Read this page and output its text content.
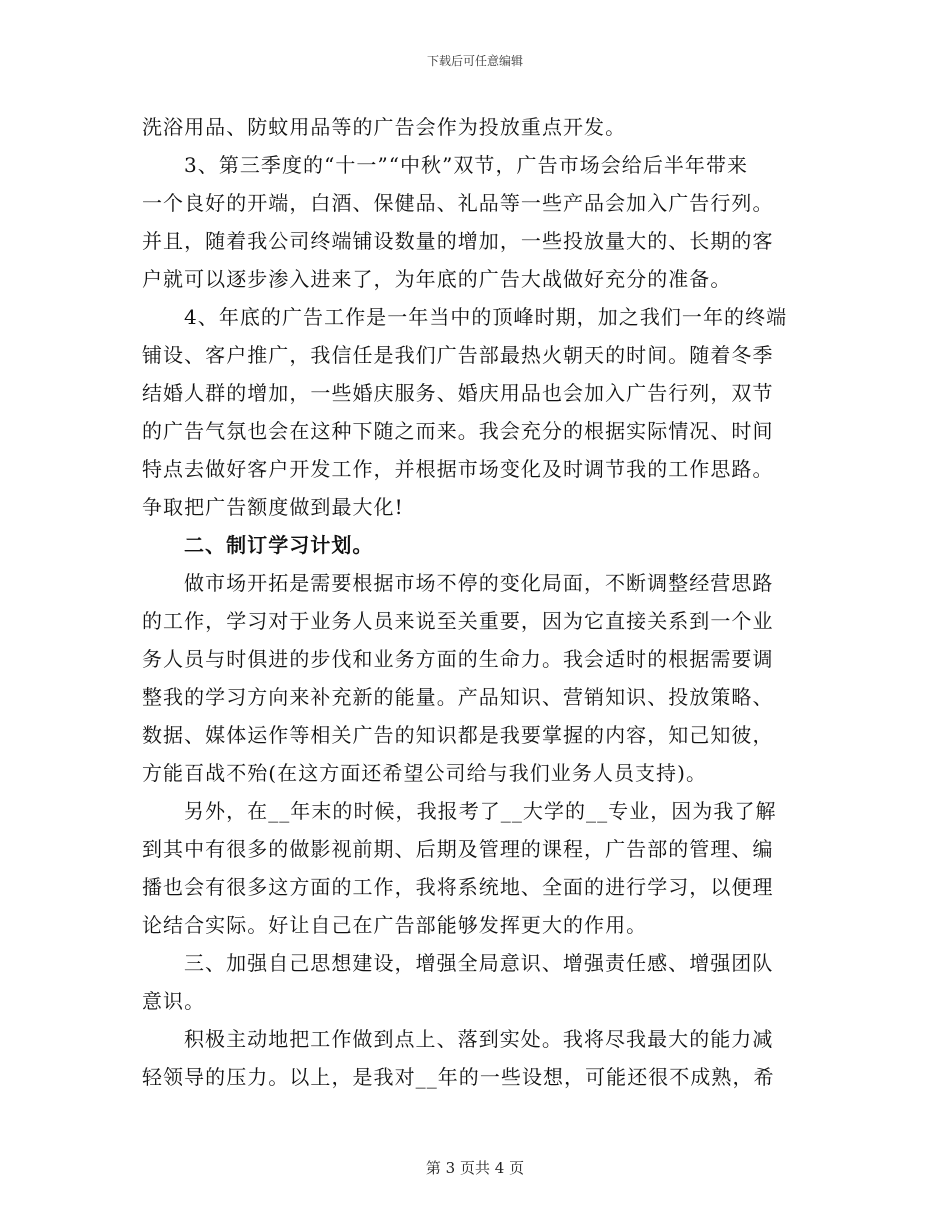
下载后可任意编辑
洗浴用品、防蚊用品等的广告会作为投放重点开发。
3、第三季度的“十一”“中秋”双节，广告市场会给后半年带来
一个良好的开端，白酒、保健品、礼品等一些产品会加入广告行列。
并且，随着我公司终端铺设数量的增加，一些投放量大的、长期的客
户就可以逐步渗入进来了，为年底的广告大战做好充分的准备。
4、年底的广告工作是一年当中的顶峰时期，加之我们一年的终端
铺设、客户推广，我信任是我们广告部最热火朝天的时间。随着冬季
结婚人群的增加，一些婚庆服务、婚庆用品也会加入广告行列，双节
的广告气氛也会在这种下随之而来。我会充分的根据实际情况、时间
特点去做好客户开发工作，并根据市场变化及时调节我的工作思路。
争取把广告额度做到最大化!
二、制订学习计划。
做市场开拓是需要根据市场不停的变化局面，不断调整经营思路
的工作，学习对于业务人员来说至关重要，因为它直接关系到一个业
务人员与时俱进的步伐和业务方面的生命力。我会适时的根据需要调
整我的学习方向来补充新的能量。产品知识、营销知识、投放策略、
数据、媒体运作等相关广告的知识都是我要掌握的内容，知己知彼，
方能百战不殆(在这方面还希望公司给与我们业务人员支持)。
另外，在__年末的时候，我报考了__大学的__专业，因为我了解
到其中有很多的做影视前期、后期及管理的课程，广告部的管理、编
播也会有很多这方面的工作，我将系统地、全面的进行学习，以便理
论结合实际。好让自己在广告部能够发挥更大的作用。
三、加强自己思想建设，增强全局意识、增强责任感、增强团队
意识。
积极主动地把工作做到点上、落到实处。我将尽我最大的能力减
轻领导的压力。以上，是我对__年的一些设想，可能还很不成熟，希
第 3 页共 4 页
